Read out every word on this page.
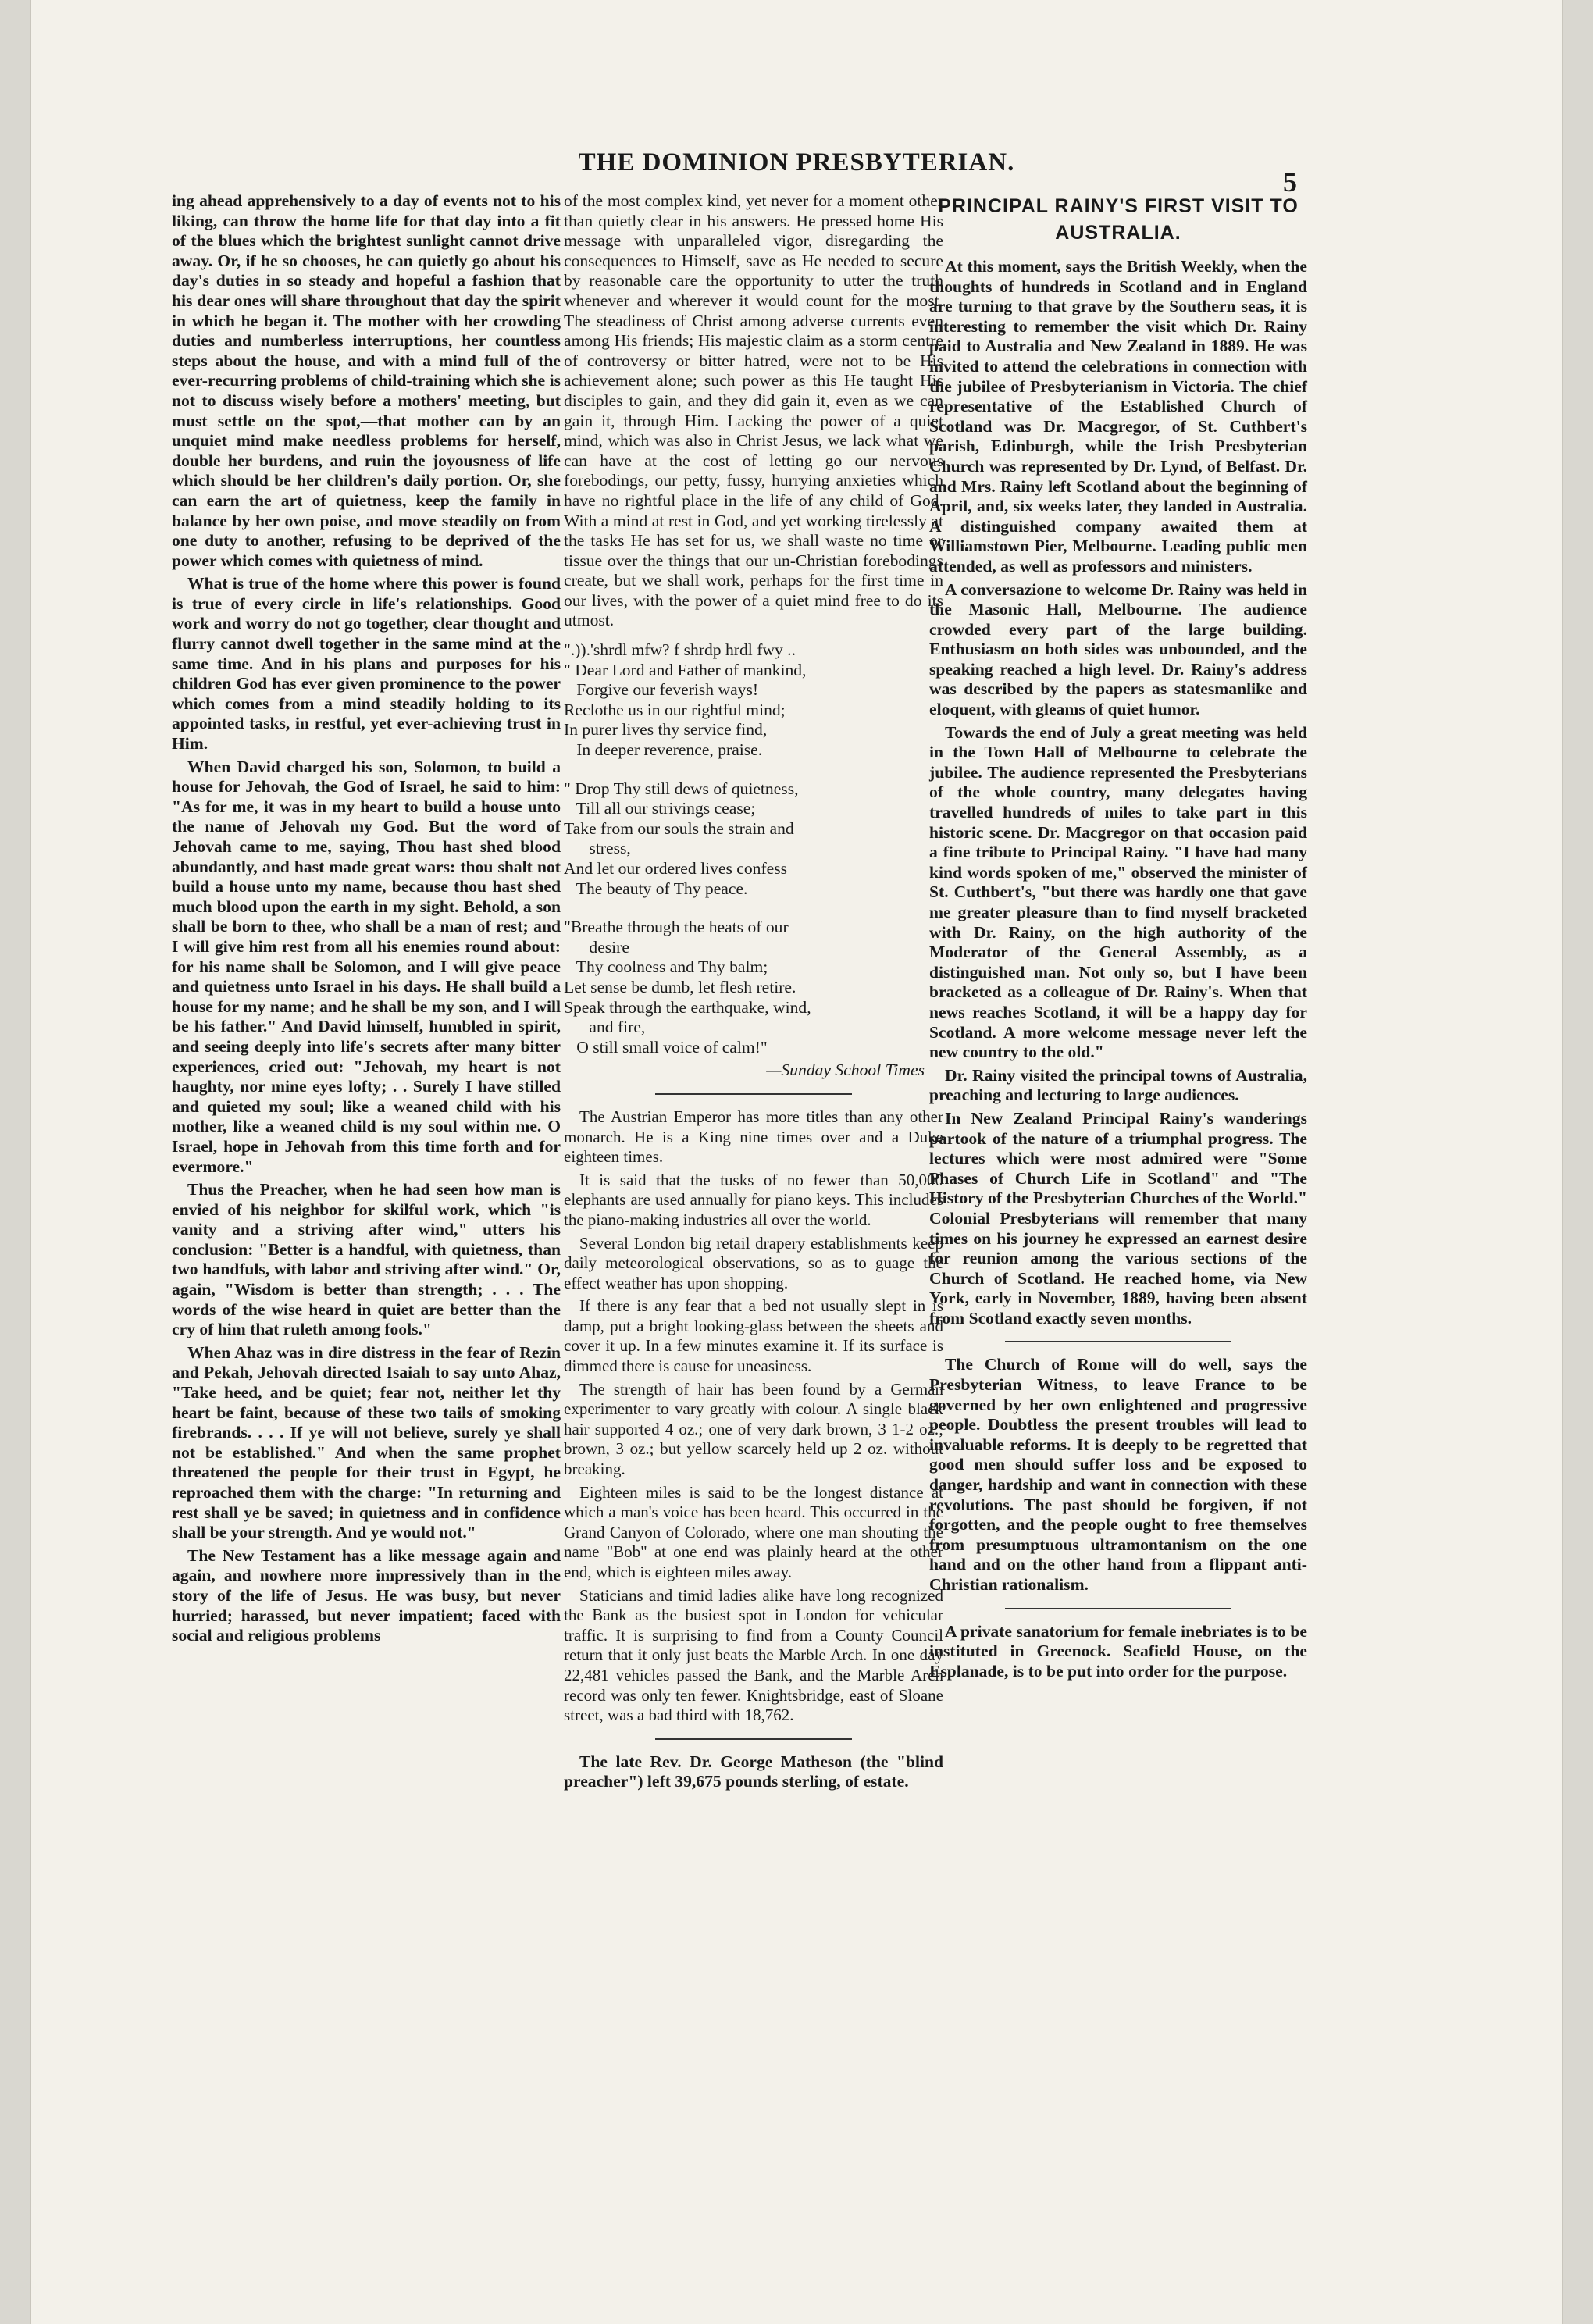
THE DOMINION PRESBYTERIAN.
5

ing ahead apprehensively to a day of events not to his liking, can throw the home life for that day into a fit of the blues which the brightest sunlight cannot drive away. Or, if he so chooses, he can quietly go about his day's duties in so steady and hopeful a fashion that his dear ones will share throughout that day the spirit in which he began it. The mother with her crowding duties and numberless interruptions, her countless steps about the house, and with a mind full of the ever-recurring problems of child-training which she is not to discuss wisely before a mothers' meeting, but must settle on the spot,—that mother can by an unquiet mind make needless problems for herself, double her burdens, and ruin the joyousness of life which should be her children's daily portion. Or, she can earn the art of quietness, keep the family in balance by her own poise, and move steadily on from one duty to another, refusing to be deprived of the power which comes with quietness of mind.

What is true of the home where this power is found is true of every circle in life's relationships. Good work and worry do not go together, clear thought and flurry cannot dwell together in the same mind at the same time. And in his plans and purposes for his children God has ever given prominence to the power which comes from a mind steadily holding to its appointed tasks, in restful, yet ever-achieving trust in Him.

When David charged his son, Solomon, to build a house for Jehovah, the God of Israel, he said to him: "As for me, it was in my heart to build a house unto the name of Jehovah my God. But the word of Jehovah came to me, saying, Thou hast shed blood abundantly, and hast made great wars: thou shalt not build a house unto my name, because thou hast shed much blood upon the earth in my sight. Behold, a son shall be born to thee, who shall be a man of rest; and I will give him rest from all his enemies round about: for his name shall be Solomon, and I will give peace and quietness unto Israel in his days. He shall build a house for my name; and he shall be my son, and I will be his father." And David himself, humbled in spirit, and seeing deeply into life's secrets after many bitter experiences, cried out: "Jehovah, my heart is not haughty, nor mine eyes lofty; . . Surely I have stilled and quieted my soul; like a weaned child with his mother, like a weaned child is my soul within me. O Israel, hope in Jehovah from this time forth and for evermore."

Thus the Preacher, when he had seen how man is envied of his neighbor for skilful work, which "is vanity and a striving after wind," utters his conclusion: "Better is a handful, with quietness, than two handfuls, with labor and striving after wind." Or, again, "Wisdom is better than strength; . . . The words of the wise heard in quiet are better than the cry of him that ruleth among fools."

When Ahaz was in dire distress in the fear of Rezin and Pekah, Jehovah directed Isaiah to say unto Ahaz, "Take heed, and be quiet; fear not, neither let thy heart be faint, because of these two tails of smoking firebrands. . . . If ye will not believe, surely ye shall not be established." And when the same prophet threatened the people for their trust in Egypt, he reproached them with the charge: "In returning and rest shall ye be saved; in quietness and in confidence shall be your strength. And ye would not."

The New Testament has a like message again and again, and nowhere more impressively than in the story of the life of Jesus. He was busy, but never hurried; harassed, but never impatient; faced with social and religious problems

of the most complex kind, yet never for a moment other than quietly clear in his answers. He pressed home His message with unparalleled vigor, disregarding the consequences to Himself, save as He needed to secure by reasonable care the opportunity to utter the truth whenever and wherever it would count for the most. The steadiness of Christ among adverse currents even among His friends; His majestic claim as a storm centre of controversy or bitter hatred, were not to be His achievement alone; such power as this He taught His disciples to gain, and they did gain it, even as we can gain it, through Him. Lacking the power of a quiet mind, which was also in Christ Jesus, we lack what we can have at the cost of letting go our nervous forebodings, our petty, fussy, hurrying anxieties which have no rightful place in the life of any child of God. With a mind at rest in God, and yet working tirelessly at the tasks He has set for us, we shall waste no time or tissue over the things that our un-Christian forebodings create, but we shall work, perhaps for the first time in our lives, with the power of a quiet mind free to do its utmost.

".)).'shrdl mfw? f shrdp hrdl fwy ..
" Dear Lord and Father of mankind,
Forgive our feverish ways!
Reclothe us in our rightful mind;
In purer lives thy service find,
In deeper reverence, praise.
" Drop Thy still dews of quietness,
Till all our strivings cease;
Take from our souls the strain and
stress,
And let our ordered lives confess
The beauty of Thy peace.
"Breathe through the heats of our
desire
Thy coolness and Thy balm;
Let sense be dumb, let flesh retire.
Speak through the earthquake, wind,
and fire,
O still small voice of calm!"
—Sunday School Times

The Austrian Emperor has more titles than any other monarch. He is a King nine times over and a Duke eighteen times.

It is said that the tusks of no fewer than 50,000 elephants are used annually for piano keys. This includes the piano-making industries all over the world.

Several London big retail drapery establishments keep daily meteorological observations, so as to guage the effect weather has upon shopping.

If there is any fear that a bed not usually slept in is damp, put a bright looking-glass between the sheets and cover it up. In a few minutes examine it. If its surface is dimmed there is cause for uneasiness.

The strength of hair has been found by a German experimenter to vary greatly with colour. A single black hair supported 4 oz.; one of very dark brown, 3 1-2 oz.; brown, 3 oz.; but yellow scarcely held up 2 oz. without breaking.

Eighteen miles is said to be the longest distance at which a man's voice has been heard. This occurred in the Grand Canyon of Colorado, where one man shouting the name "Bob" at one end was plainly heard at the other end, which is eighteen miles away.

Staticians and timid ladies alike have long recognized the Bank as the busiest spot in London for vehicular traffic. It is surprising to find from a County Council return that it only just beats the Marble Arch. In one day 22,481 vehicles passed the Bank, and the Marble Arch record was only ten fewer. Knightsbridge, east of Sloane street, was a bad third with 18,762.

The late Rev. Dr. George Matheson (the "blind preacher") left 39,675 pounds sterling, of estate.

PRINCIPAL RAINY'S FIRST VISIT TO AUSTRALIA.

At this moment, says the British Weekly, when the thoughts of hundreds in Scotland and in England are turning to that grave by the Southern seas, it is interesting to remember the visit which Dr. Rainy paid to Australia and New Zealand in 1889. He was invited to attend the celebrations in connection with the jubilee of Presbyterianism in Victoria. The chief representative of the Established Church of Scotland was Dr. Macgregor, of St. Cuthbert's parish, Edinburgh, while the Irish Presbyterian Church was represented by Dr. Lynd, of Belfast. Dr. and Mrs. Rainy left Scotland about the beginning of April, and, six weeks later, they landed in Australia. A distinguished company awaited them at Williamstown Pier, Melbourne. Leading public men attended, as well as professors and ministers.

A conversazione to welcome Dr. Rainy was held in the Masonic Hall, Melbourne. The audience crowded every part of the large building. Enthusiasm on both sides was unbounded, and the speaking reached a high level. Dr. Rainy's address was described by the papers as statesmanlike and eloquent, with gleams of quiet humor.

Towards the end of July a great meeting was held in the Town Hall of Melbourne to celebrate the jubilee. The audience represented the Presbyterians of the whole country, many delegates having travelled hundreds of miles to take part in this historic scene. Dr. Macgregor on that occasion paid a fine tribute to Principal Rainy. "I have had many kind words spoken of me," observed the minister of St. Cuthbert's, "but there was hardly one that gave me greater pleasure than to find myself bracketed with Dr. Rainy, on the high authority of the Moderator of the General Assembly, as a distinguished man. Not only so, but I have been bracketed as a colleague of Dr. Rainy's. When that news reaches Scotland, it will be a happy day for Scotland. A more welcome message never left the new country to the old."

Dr. Rainy visited the principal towns of Australia, preaching and lecturing to large audiences.

In New Zealand Principal Rainy's wanderings partook of the nature of a triumphal progress. The lectures which were most admired were "Some Phases of Church Life in Scotland" and "The History of the Presbyterian Churches of the World." Colonial Presbyterians will remember that many times on his journey he expressed an earnest desire for reunion among the various sections of the Church of Scotland. He reached home, via New York, early in November, 1889, having been absent from Scotland exactly seven months.

The Church of Rome will do well, says the Presbyterian Witness, to leave France to be governed by her own enlightened and progressive people. Doubtless the present troubles will lead to invaluable reforms. It is deeply to be regretted that good men should suffer loss and be exposed to danger, hardship and want in connection with these revolutions. The past should be forgiven, if not forgotten, and the people ought to free themselves from presumptuous ultramontanism on the one hand and on the other hand from a flippant anti-Christian rationalism.

A private sanatorium for female inebriates is to be instituted in Greenock. Seafield House, on the Esplanade, is to be put into order for the purpose.
